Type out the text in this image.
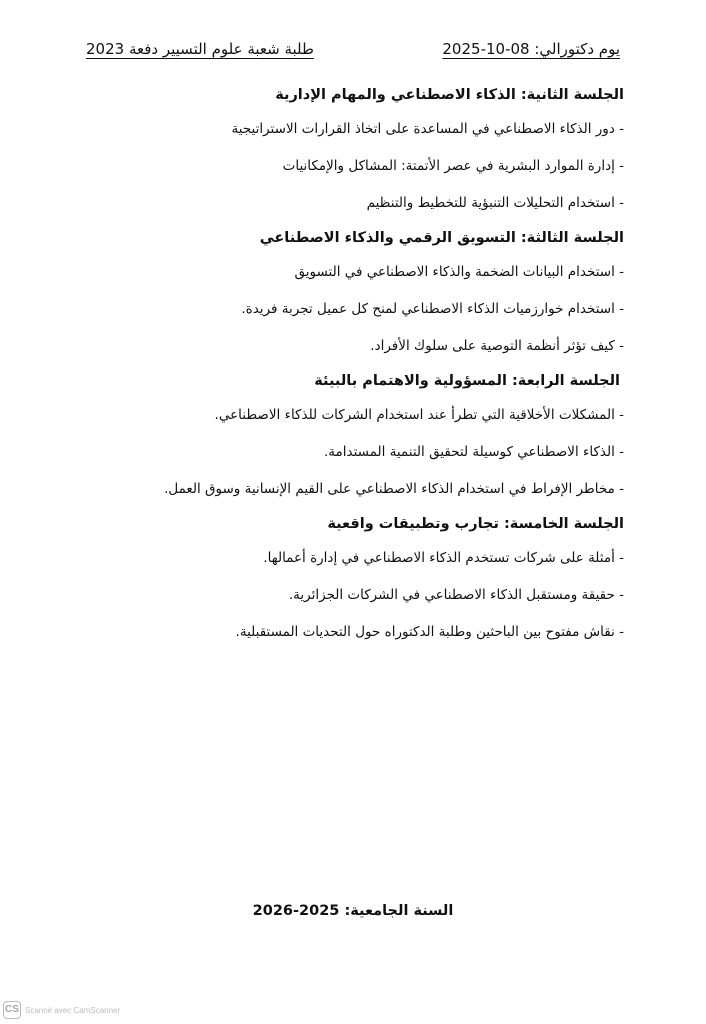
يوم دكتورالي: 08-10-2025
طلبة شعبة علوم التسيير دفعة 2023
الجلسة الثانية: الذكاء الاصطناعي والمهام الإدارية
- دور الذكاء الاصطناعي في المساعدة على اتخاذ القرارات الاستراتيجية
- إدارة الموارد البشرية في عصر الأتمتة: المشاكل والإمكانيات
- استخدام التحليلات التنبؤية للتخطيط والتنظيم
الجلسة الثالثة: التسويق الرقمي والذكاء الاصطناعي
- استخدام البيانات الضخمة والذكاء الاصطناعي في التسويق
- استخدام خوارزميات الذكاء الاصطناعي لمنح كل عميل تجربة فريدة.
- كيف تؤثر أنظمة التوصية على سلوك الأفراد.
الجلسة الرابعة: المسؤولية والاهتمام بالبيئة
- المشكلات الأخلاقية التي تطرأ عند استخدام الشركات للذكاء الاصطناعي.
- الذكاء الاصطناعي كوسيلة لتحقيق التنمية المستدامة.
- مخاطر الإفراط في استخدام الذكاء الاصطناعي على القيم الإنسانية وسوق العمل.
الجلسة الخامسة: تجارب وتطبيقات واقعية
- أمثلة على شركات تستخدم الذكاء الاصطناعي في إدارة أعمالها.
- حقيقة ومستقبل الذكاء الاصطناعي في الشركات الجزائرية.
- نقاش مفتوح بين الباحثين وطلبة الدكتوراه حول التحديات المستقبلية.
السنة الجامعية: 2025-2026
CS Scanné avec CamScanner
